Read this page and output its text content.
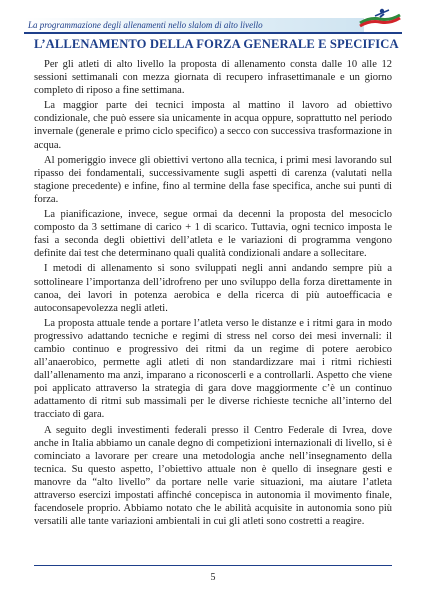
La programmazione degli allenamenti nello slalom di alto livello
L’ALLENAMENTO DELLA FORZA GENERALE E SPECIFICA

Per gli atleti di alto livello la proposta di allenamento consta dalle 10 alle 12 sessioni settimanali con mezza giornata di recupero infrasettimanale e un giorno completo di riposo a fine settimana.

La maggior parte dei tecnici imposta al mattino il lavoro ad obiettivo condizionale, che può essere sia unicamente in acqua oppure, soprattutto nel periodo invernale (generale e primo ciclo specifico) a secco con successiva trasformazione in acqua.

Al pomeriggio invece gli obiettivi vertono alla tecnica, i primi mesi lavorando sul ripasso dei fondamentali, successivamente sugli aspetti di carenza (valutati nella stagione precedente) e infine, fino al termine della fase specifica, anche sui punti di forza.

La pianificazione, invece, segue ormai da decenni la proposta del mesociclo composto da 3 settimane di carico + 1 di scarico. Tuttavia, ogni tecnico imposta le fasi a seconda degli obiettivi dell’atleta e le variazioni di programma vengono definite dai test che determinano quali qualità condizionali andare a sollecitare.

I metodi di allenamento si sono sviluppati negli anni andando sempre più a sottolineare l’importanza dell’idrofreno per uno sviluppo della forza direttamente in canoa, dei lavori in potenza aerobica e della ricerca di più autoefficacia e autoconsapevolezza negli atleti.

La proposta attuale tende a portare l’atleta verso le distanze e i ritmi gara in modo progressivo adattando tecniche e regimi di stress nel corso dei mesi invernali: il cambio continuo e progressivo dei ritmi da un regime di potere aerobico all’anaerobico, permette agli atleti di non standardizzare mai i ritmi richiesti dall’allenamento ma anzi, imparano a riconoscerli e a controllarli. Aspetto che viene poi applicato attraverso la strategia di gara dove maggiormente c’è un continuo adattamento di ritmi sub massimali per le diverse richieste tecniche all’interno del tracciato di gara.

A seguito degli investimenti federali presso il Centro Federale di Ivrea, dove anche in Italia abbiamo un canale degno di competizioni internazionali di livello, si è cominciato a lavorare per creare una metodologia anche nell’insegnamento della tecnica. Su questo aspetto, l’obiettivo attuale non è quello di insegnare gesti e manovre da “alto livello” da portare nelle varie situazioni, ma aiutare l’atleta attraverso esercizi impostati affinché concepisca in autonomia il movimento finale, facendosele proprio. Abbiamo notato che le abilità acquisite in autonomia sono più versatili alle tante variazioni ambientali in cui gli atleti sono costretti a reagire.

5
